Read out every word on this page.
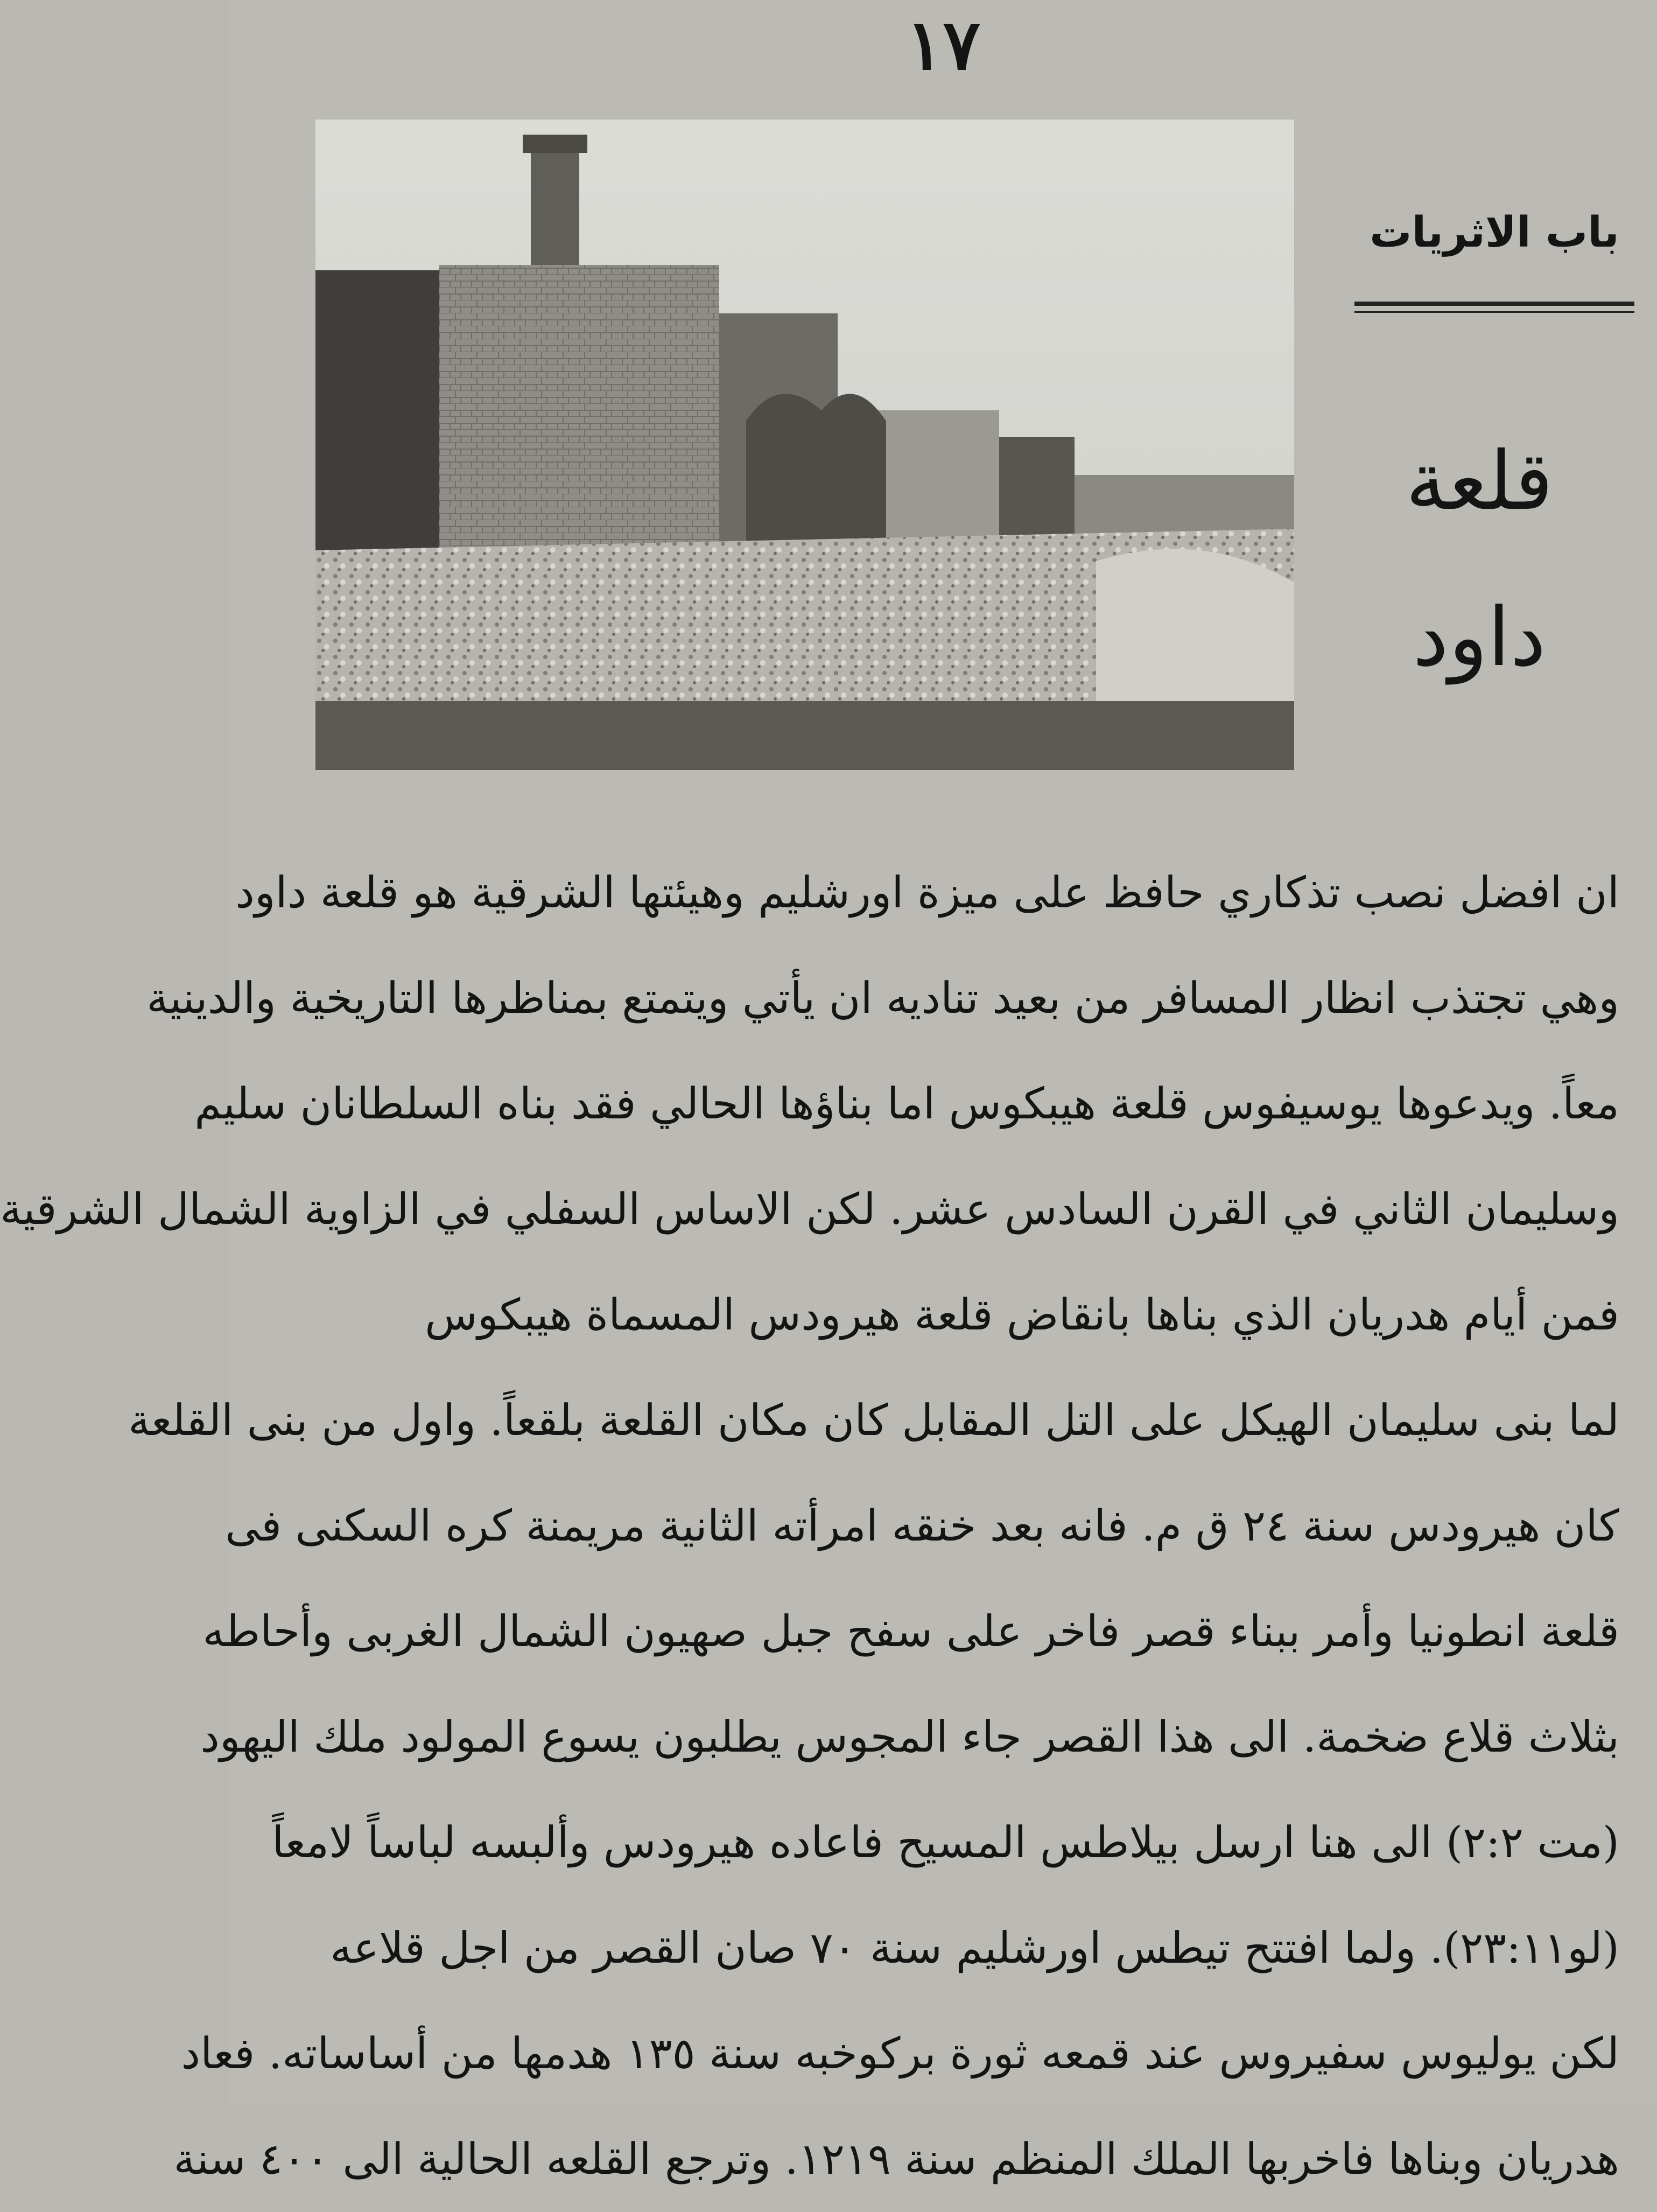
١٧
باب الاثريات
قلعة
داود
ان افضل نصب تذكاري حافظ على ميزة اورشليم وهيئتها الشرقية هو قلعة داود
وهي تجتذب انظار المسافر من بعيد تناديه ان يأتي ويتمتع بمناظرها التاريخية والدينية
معاً. ويدعوها يوسيفوس قلعة هيبكوس اما بناؤها الحالي فقد بناه السلطانان سليم
وسليمان الثاني في القرن السادس عشر. لكن الاساس السفلي في الزاوية الشمال الشرقية
فمن أيام هدريان الذي بناها بانقاض قلعة هيرودس المسماة هيبكوس
لما بنى سليمان الهيكل على التل المقابل كان مكان القلعة بلقعاً. واول من بنى القلعة
كان هيرودس سنة ٢٤ ق م. فانه بعد خنقه امرأته الثانية مريمنة كره السكنى فى
قلعة انطونيا وأمر ببناء قصر فاخر على سفح جبل صهيون الشمال الغربى وأحاطه
بثلاث قلاع ضخمة. الى هذا القصر جاء المجوس يطلبون يسوع المولود ملك اليهود
(مت ٢:٢) الى هنا ارسل بيلاطس المسيح فاعاده هيرودس وألبسه لباساً لامعاً
(لو٢٣:١١). ولما افتتح تيطس اورشليم سنة ٧٠ صان القصر من اجل قلاعه
لكن يوليوس سفيروس عند قمعه ثورة بركوخبه سنة ١٣٥ هدمها من أساساته. فعاد
هدريان وبناها فاخربها الملك المنظم سنة ١٢١٩. وترجع القلعه الحالية الى ٤٠٠ سنة
